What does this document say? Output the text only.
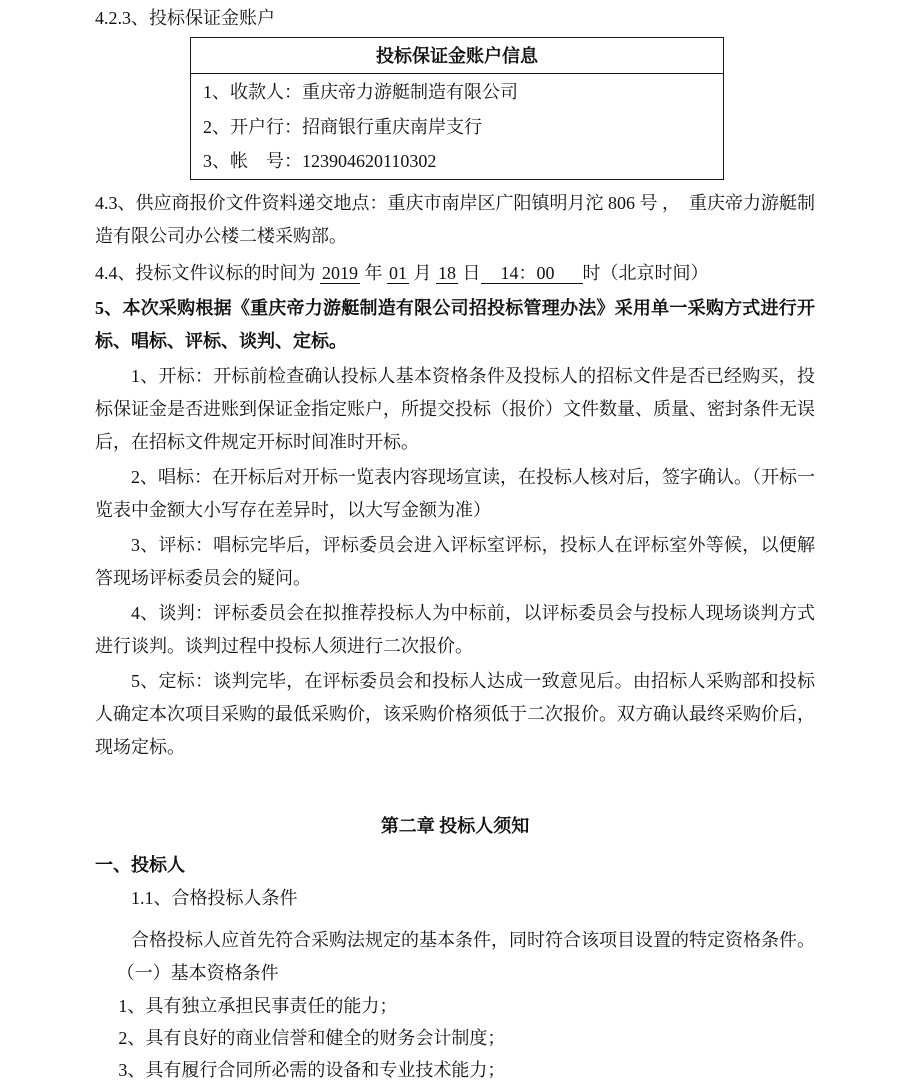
4.2.3、投标保证金账户
投标保证金账户信息
1、收款人：重庆帝力游艇制造有限公司
2、开户行：招商银行重庆南岸支行
3、帐　号：123904620110302
4.3、供应商报价文件资料递交地点：重庆市南岸区广阳镇明月沱 806 号 ，　重庆帝力游艇制造有限公司办公楼二楼采购部。
4.4、投标文件议标的时间为 2019 年 01 月 18 日 14：00 时（北京时间）
5、本次采购根据《重庆帝力游艇制造有限公司招投标管理办法》采用单一采购方式进行开标、唱标、评标、谈判、定标。
1、开标：开标前检查确认投标人基本资格条件及投标人的招标文件是否已经购买，投标保证金是否进账到保证金指定账户，所提交投标（报价）文件数量、质量、密封条件无误后，在招标文件规定开标时间准时开标。
2、唱标：在开标后对开标一览表内容现场宣读，在投标人核对后，签字确认。（开标一览表中金额大小写存在差异时，以大写金额为准）
3、评标：唱标完毕后，评标委员会进入评标室评标，投标人在评标室外等候，以便解答现场评标委员会的疑问。
4、谈判：评标委员会在拟推荐投标人为中标前，以评标委员会与投标人现场谈判方式进行谈判。谈判过程中投标人须进行二次报价。
5、定标：谈判完毕，在评标委员会和投标人达成一致意见后。由招标人采购部和投标人确定本次项目采购的最低采购价，该采购价格须低于二次报价。双方确认最终采购价后，现场定标。
第二章 投标人须知
一、投标人
1.1、合格投标人条件
合格投标人应首先符合采购法规定的基本条件，同时符合该项目设置的特定资格条件。
（一）基本资格条件
1、具有独立承担民事责任的能力；
2、具有良好的商业信誉和健全的财务会计制度；
3、具有履行合同所必需的设备和专业技术能力；
